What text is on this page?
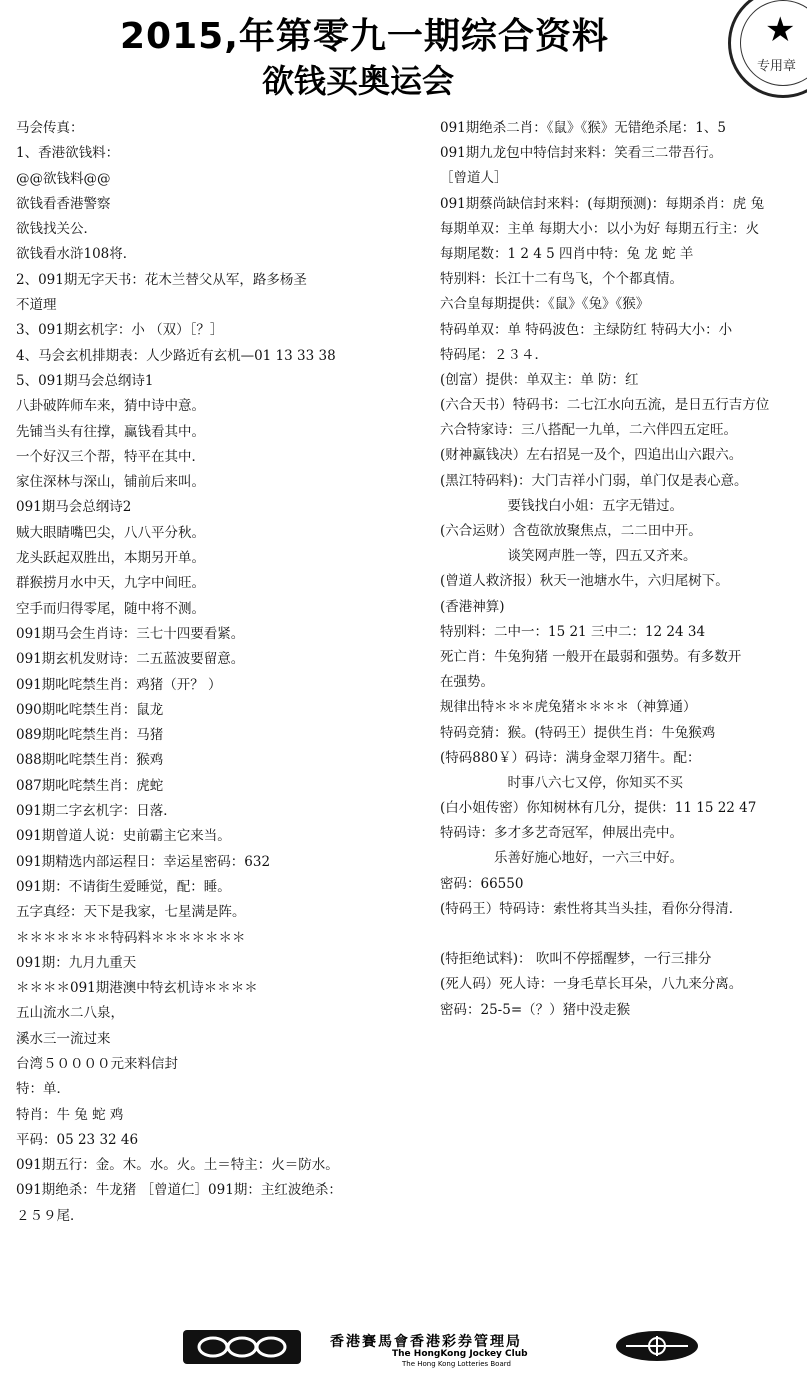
2015,年第零九一期综合资料
欲钱买奥运会
★
专用章
马会传真：
1、香港欲钱料：
@@欲钱料@@
欲钱看香港警察
欲钱找关公．
欲钱看水浒108将．
2、091期无字天书：花木兰替父从军，路多杨圣
不道理
3、091期玄机字：小 （双）［？］
4、马会玄机排期表：人少路近有玄机—01 13 33 38
5、091期马会总纲诗1
八卦破阵师车来，猜中诗中意。
先铺当头有往撑，赢钱看其中。
一个好汉三个帮，特平在其中．
家住深林与深山，铺前后来叫。
091期马会总纲诗2
贼大眼睛嘴巴尖，八八平分秋。
龙头跃起双胜出，本期另开单。
群猴捞月水中天，九字中间旺。
空手而归得零尾，随中将不测。
091期马会生肖诗：三七十四要看紧。
091期玄机发财诗：二五蓝波要留意。
091期叱咤禁生肖：鸡猪（开？ ）
090期叱咤禁生肖：鼠龙
089期叱咤禁生肖：马猪
088期叱咤禁生肖：猴鸡
087期叱咤禁生肖：虎蛇
091期二字玄机字：日落．
091期曾道人说：史前霸主它来当。
091期精选内部运程日：幸运星密码：632
091期：不请街生爱睡觉，配：睡。
五字真经：天下是我家，七星满是阵。
＊＊＊＊＊＊＊特码料＊＊＊＊＊＊＊
091期：九月九重天
＊＊＊＊091期港澳中特玄机诗＊＊＊＊
五山流水二八泉，
溪水三一流过来
台湾５００００元来料信封
特：单．
特肖：牛 兔 蛇 鸡
平码：05 23 32 46
091期五行：金。木。水。火。土＝特主：火＝防水。
091期绝杀：牛龙猪 ［曾道仁］091期：主红波绝杀：
２５９尾．
091期绝杀二肖：《鼠》《猴》无错绝杀尾：1、5
091期九龙包中特信封来料：笑看三二带吾行。
［曾道人］
091期蔡尚缺信封来料：(每期预测)：每期杀肖：虎 兔
每期单双：主单 每期大小：以小为好 每期五行主：火
每期尾数：1 2 4 5 四肖中特：兔 龙 蛇 羊
特别料：长江十二有鸟飞，个个都真情。
六合皇每期提供：《鼠》《兔》《猴》
特码单双：单 特码波色：主绿防红 特码大小：小
特码尾：２３４．
(创富）提供：单双主：单 防：红
(六合天书）特码书：二七江水向五流，是日五行吉方位
六合特家诗：三八搭配一九单，二六伴四五定旺。
(财神赢钱决）左右招晃一及个，四追出山六跟六。
(黑江特码料)：大门吉祥小门弱，单门仅是表心意。
　　　　　要钱找白小姐：五字无错过。
(六合运财）含苞欲放聚焦点，二二田中开。
　　　　　谈笑网声胜一等，四五又齐来。
(曾道人救济报）秋天一池塘水牛，六归尾树下。
(香港神算)
特别料：二中一：15 21 三中二：12 24 34
死亡肖：牛兔狗猪 一般开在最弱和强势。有多数开
在强势。
规律出特＊＊＊虎兔猪＊＊＊＊（神算通）
特码竞猜：猴。(特码王）提供生肖：牛兔猴鸡
(特码880￥）码诗：满身金翠刀猪牛。配：
　　　　　时事八六七又停，你知买不买
(白小姐传密）你知树林有几分，提供：11 15 22 47
特码诗：多才多艺奇冠军，伸展出壳中。
　　　　乐善好施心地好，一六三中好。
密码：66550
(特码王）特码诗：索性将其当头挂，看你分得清．
(特拒绝试料)： 吹叫不停摇醒梦，一行三排分
(死人码）死人诗：一身毛草长耳朵，八九来分离。
密码：25-5=（？）猪中没走猴
香港賽馬會香港彩券管理局
The HongKong Jockey Club
The Hong Kong Lotteries Board
